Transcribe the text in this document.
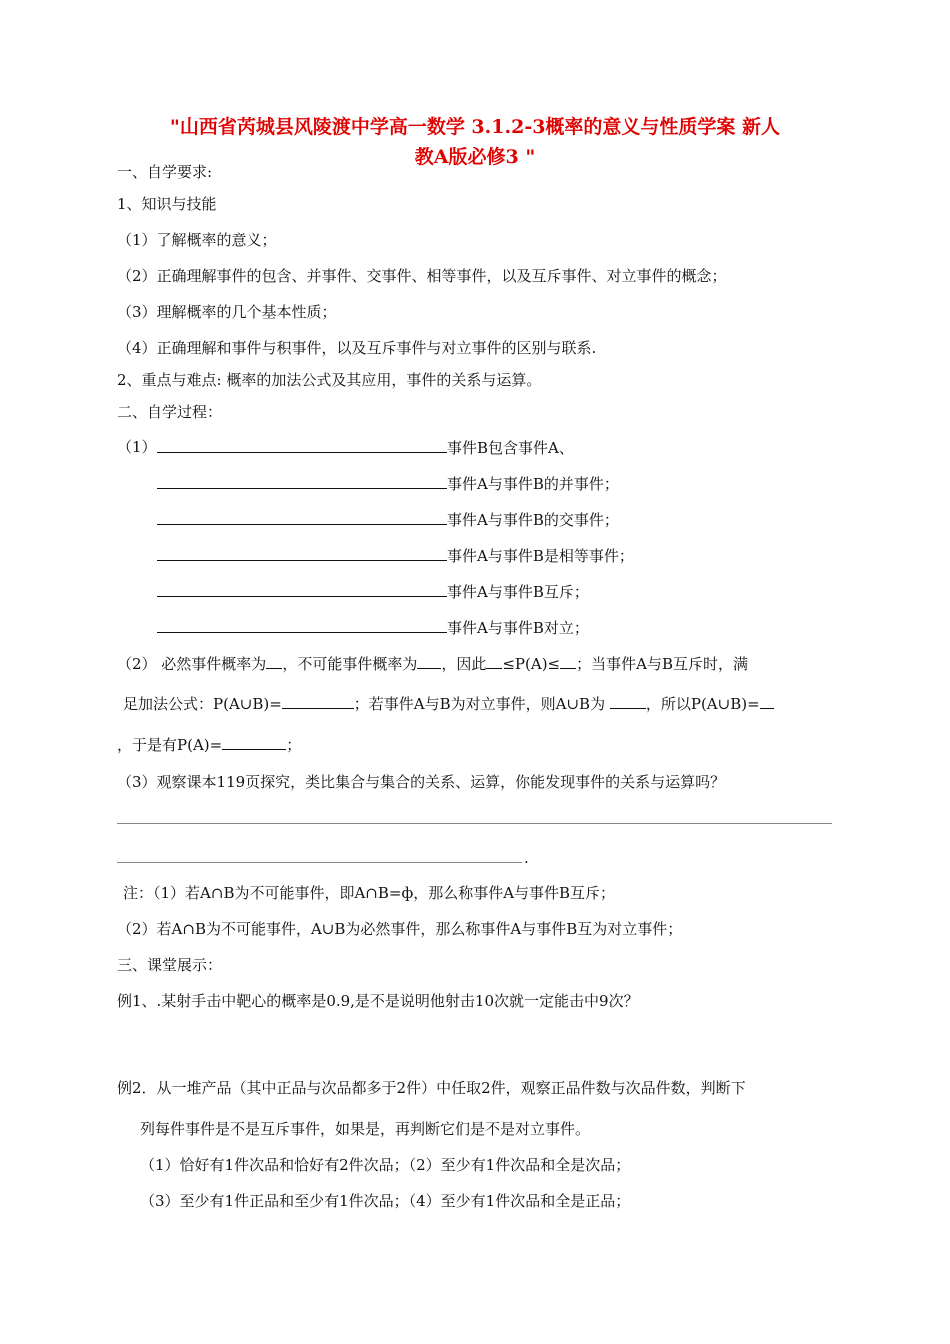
"山西省芮城县风陵渡中学高一数学 3.1.2-3概率的意义与性质学案 新人
教A版必修3 "
一、自学要求:
1、知识与技能
（1）了解概率的意义；
（2）正确理解事件的包含、并事件、交事件、相等事件，以及互斥事件、对立事件的概念；
（3）理解概率的几个基本性质；
（4）正确理解和事件与积事件，以及互斥事件与对立事件的区别与联系.
2、重点与难点: 概率的加法公式及其应用，事件的关系与运算。
二、自学过程：
（1）	事件B包含事件A、
事件A与事件B的并事件；
事件A与事件B的交事件；
事件A与事件B是相等事件；
事件A与事件B互斥；
事件A与事件B对立；
（2） 必然事件概率为 ，不可能事件概率为 ，因此 ≤P(A)≤ ；当事件A与B互斥时，满
足加法公式：P(A∪B)=	；若事件A与B为对立事件，则A∪B为 ，所以P(A∪B)=
，于是有P(A)=	；
（3）观察课本119页探究，类比集合与集合的关系、运算，你能发现事件的关系与运算吗？
.
注：（1）若A∩B为不可能事件，即A∩B=ф，那么称事件A与事件B互斥；
（2）若A∩B为不可能事件，A∪B为必然事件，那么称事件A与事件B互为对立事件；
三、课堂展示：
例1、.某射手击中靶心的概率是0.9,是不是说明他射击10次就一定能击中9次？
例2．从一堆产品（其中正品与次品都多于2件）中任取2件，观察正品件数与次品件数，判断下
列每件事件是不是互斥事件，如果是，再判断它们是不是对立事件。
（1）恰好有1件次品和恰好有2件次品；（2）至少有1件次品和全是次品；
（3）至少有1件正品和至少有1件次品；（4）至少有1件次品和全是正品；
